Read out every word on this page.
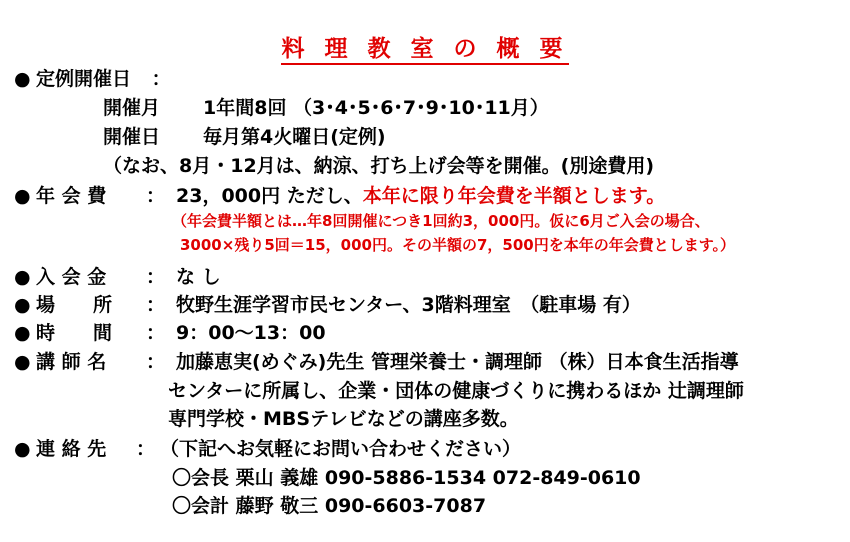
料 理 教 室 の 概 要
● 定例開催日 ：
開催月 1年間8回 （3･4･5･6･7･9･10･11月）
開催日 毎月第4火曜日(定例)
（なお、8月・12月は、納涼、打ち上げ会等を開催。(別途費用)
● 年 会 費 ： 23，000円 ただし、本年に限り年会費を半額とします。
（年会費半額とは…年8回開催につき1回約3，000円。仮に6月ご入会の場合、
3000×残り5回＝15，000円。その半額の7，500円を本年の年会費とします。）
● 入 会 金 ： な し
● 場　　所 ： 牧野生涯学習市民センター、3階料理室　（駐車場 有）
● 時　　間 ： 9：00～13：00
● 講 師 名 ： 加藤恵実(めぐみ)先生 管理栄養士・調理師 （株）日本食生活指導
センターに所属し、企業・団体の健康づくりに携わるほか 辻調理師
専門学校・MBSテレビなどの講座多数。
● 連 絡 先 ： （下記へお気軽にお問い合わせください）
〇会長 栗山 義雄 090-5886-1534 072-849-0610
〇会計 藤野 敬三 090-6603-7087
